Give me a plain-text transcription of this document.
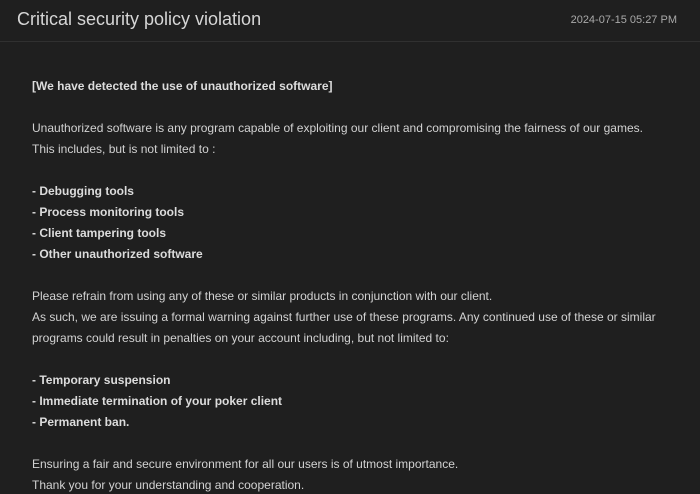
Critical security policy violation	2024-07-15 05:27 PM
[We have detected the use of unauthorized software]
Unauthorized software is any program capable of exploiting our client and compromising the fairness of our games.
This includes, but is not limited to :
- Debugging tools
- Process monitoring tools
- Client tampering tools
- Other unauthorized software
Please refrain from using any of these or similar products in conjunction with our client.
As such, we are issuing a formal warning against further use of these programs. Any continued use of these or similar programs could result in penalties on your account including, but not limited to:
- Temporary suspension
- Immediate termination of your poker client
- Permanent ban.
Ensuring a fair and secure environment for all our users is of utmost importance.
Thank you for your understanding and cooperation.
